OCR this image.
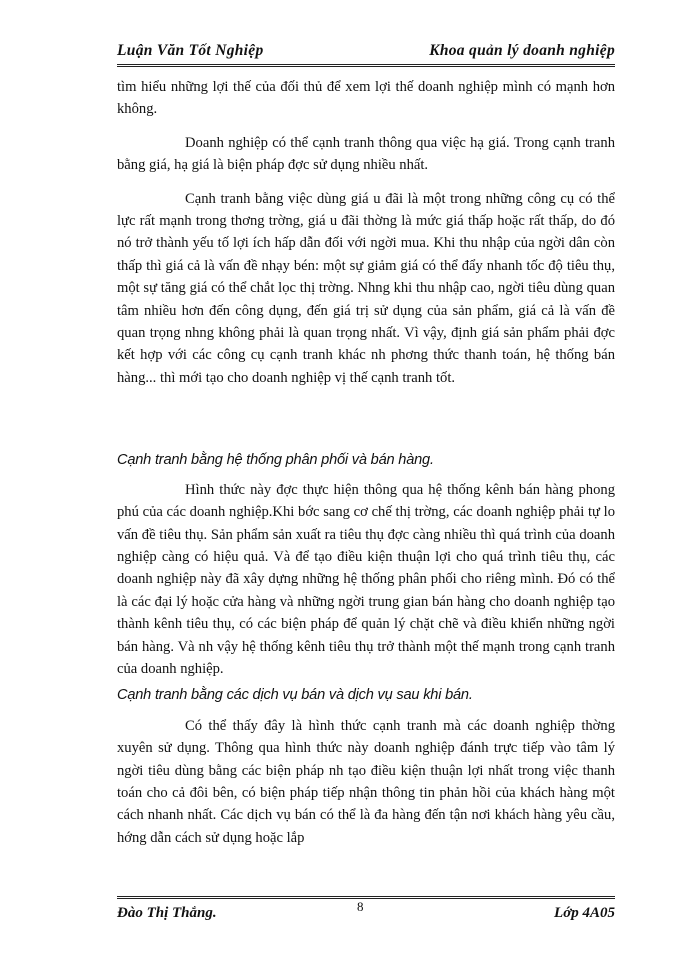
Luận Văn Tốt Nghiệp	Khoa quản lý doanh nghiệp

tìm hiểu những lợi thế của đối thủ để xem lợi thế doanh nghiệp mình có mạnh hơn không.

Doanh nghiệp có thể cạnh tranh thông qua việc hạ giá. Trong cạnh tranh bằng giá, hạ giá là biện pháp đợc sử dụng nhiều nhất.

Cạnh tranh bằng việc dùng giá u đãi là một trong những công cụ có thể lực rất mạnh trong thơng trờng, giá u đãi thờng là mức giá thấp hoặc rất thấp, do đó nó trở thành yếu tố lợi ích hấp dẫn đối với ngời mua. Khi thu nhập của ngời dân còn thấp thì giá cả là vấn đề nhạy bén: một sự giảm giá có thể đẩy nhanh tốc độ tiêu thụ, một sự tăng giá có thể chắt lọc thị trờng. Nhng khi thu nhập cao, ngời tiêu dùng quan tâm nhiều hơn đến công dụng, đến giá trị sử dụng của sản phẩm, giá cả là vấn đề quan trọng nhng không phải là quan trọng nhất. Vì vậy, định giá sản phẩm phải đợc kết hợp với các công cụ cạnh tranh khác nh phơng thức thanh toán, hệ thống bán hàng... thì mới tạo cho doanh nghiệp vị thế cạnh tranh tốt.

Cạnh tranh bằng hệ thống phân phối và bán hàng.

Hình thức này đợc thực hiện thông qua hệ thống kênh bán hàng phong phú của các doanh nghiệp.Khi bớc sang cơ chế thị trờng, các doanh nghiệp phải tự lo vấn đề tiêu thụ. Sản phẩm sản xuất ra tiêu thụ đợc càng nhiều thì quá trình của doanh nghiệp càng có hiệu quả. Và để tạo điều kiện thuận lợi cho quá trình tiêu thụ, các doanh nghiệp này đã xây dựng những hệ thống phân phối cho riêng mình. Đó có thể là các đại lý hoặc cửa hàng và những ngời trung gian bán hàng cho doanh nghiệp tạo thành kênh tiêu thụ, có các biện pháp để quản lý chặt chẽ và điều khiển những ngời bán hàng. Và nh vậy hệ thống kênh tiêu thụ trở thành một thế mạnh trong cạnh tranh của doanh nghiệp.

Cạnh tranh bằng các dịch vụ bán và dịch vụ sau khi bán.

Có thể thấy đây là hình thức cạnh tranh mà các doanh nghiệp thờng xuyên sử dụng. Thông qua hình thức này doanh nghiệp đánh trực tiếp vào tâm lý ngời tiêu dùng bằng các biện pháp nh tạo điều kiện thuận lợi nhất trong việc thanh toán cho cả đôi bên, có biện pháp tiếp nhận thông tin phản hồi của khách hàng một cách nhanh nhất. Các dịch vụ bán có thể là đa hàng đến tận nơi khách hàng yêu cầu, hớng dẫn cách sử dụng hoặc lắp

Đào Thị Thắng.	8	Lớp 4A05
